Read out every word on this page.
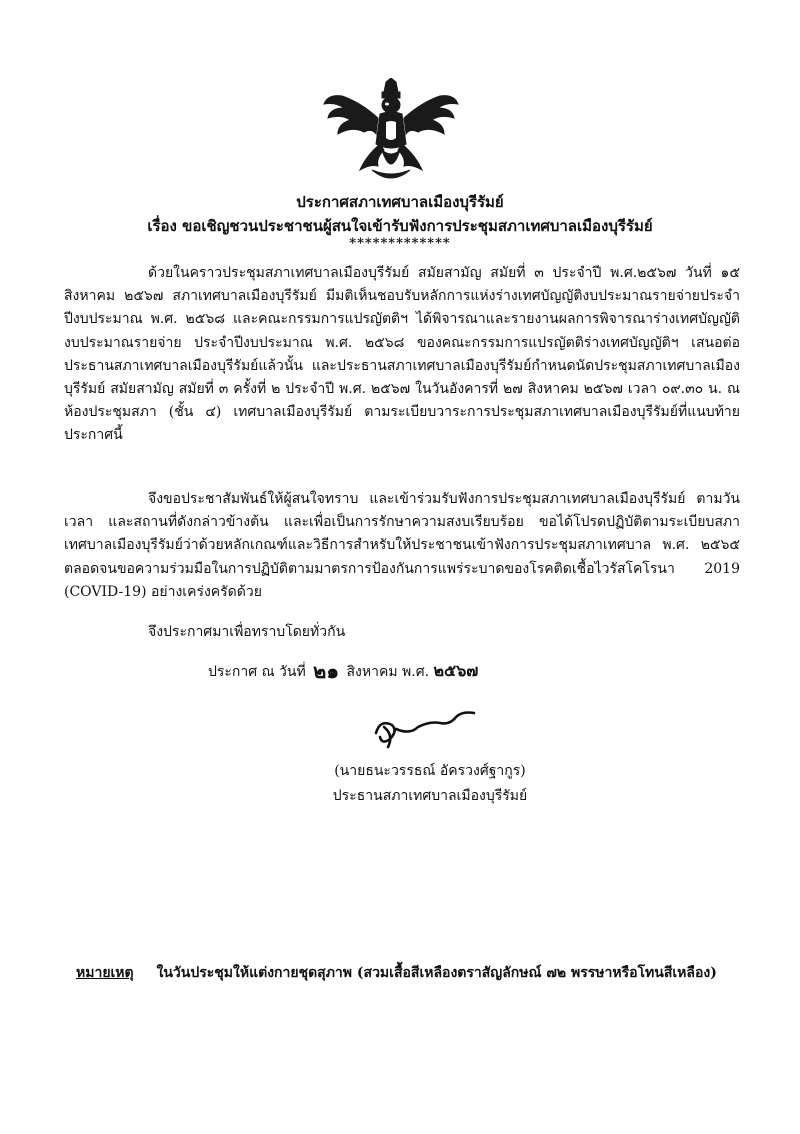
ประกาศสภาเทศบาลเมืองบุรีรัมย์
เรื่อง ขอเชิญชวนประชาชนผู้สนใจเข้ารับฟังการประชุมสภาเทศบาลเมืองบุรีรัมย์
*************
ด้วยในคราวประชุมสภาเทศบาลเมืองบุรีรัมย์ สมัยสามัญ สมัยที่ ๓ ประจำปี พ.ศ.๒๕๖๗ วันที่ ๑๕ สิงหาคม ๒๕๖๗ สภาเทศบาลเมืองบุรีรัมย์ มีมติเห็นชอบรับหลักการแห่งร่างเทศบัญญัติงบประมาณรายจ่ายประจำปีงบประมาณ พ.ศ. ๒๕๖๘ และคณะกรรมการแปรญัตติฯ ได้พิจารณาและรายงานผลการพิจารณาร่างเทศบัญญัติงบประมาณรายจ่าย ประจำปีงบประมาณ พ.ศ. ๒๕๖๘ ของคณะกรรมการแปรญัตติร่างเทศบัญญัติฯ เสนอต่อประธานสภาเทศบาลเมืองบุรีรัมย์แล้วนั้น และประธานสภาเทศบาลเมืองบุรีรัมย์กำหนดนัดประชุมสภาเทศบาลเมืองบุรีรัมย์ สมัยสามัญ สมัยที่ ๓ ครั้งที่ ๒ ประจำปี พ.ศ. ๒๕๖๗ ในวันอังคารที่ ๒๗ สิงหาคม ๒๕๖๗ เวลา ๐๙.๓๐ น. ณ ห้องประชุมสภา (ชั้น ๔) เทศบาลเมืองบุรีรัมย์ ตามระเบียบวาระการประชุมสภาเทศบาลเมืองบุรีรัมย์ที่แนบท้ายประกาศนี้
จึงขอประชาสัมพันธ์ให้ผู้สนใจทราบ และเข้าร่วมรับฟังการประชุมสภาเทศบาลเมืองบุรีรัมย์ ตามวัน เวลา และสถานที่ดังกล่าวข้างต้น และเพื่อเป็นการรักษาความสงบเรียบร้อย ขอได้โปรดปฏิบัติตามระเบียบสภาเทศบาลเมืองบุรีรัมย์ว่าด้วยหลักเกณฑ์และวิธีการสำหรับให้ประชาชนเข้าฟังการประชุมสภาเทศบาล พ.ศ. ๒๕๖๕ ตลอดจนขอความร่วมมือในการปฏิบัติตามมาตรการป้องกันการแพร่ระบาดของโรคติดเชื้อไวรัสโคโรนา 2019 (COVID-19) อย่างเคร่งครัดด้วย
จึงประกาศมาเพื่อทราบโดยทั่วกัน
ประกาศ ณ วันที่ ๒๑ สิงหาคม พ.ศ. ๒๕๖๗
(นายธนะวรรธณ์ อัครวงศ์ฐากูร)
ประธานสภาเทศบาลเมืองบุรีรัมย์
หมายเหตุ ในวันประชุมให้แต่งกายชุดสุภาพ (สวมเสื้อสีเหลืองตราสัญลักษณ์ ๗๒ พรรษาหรือโทนสีเหลือง)
